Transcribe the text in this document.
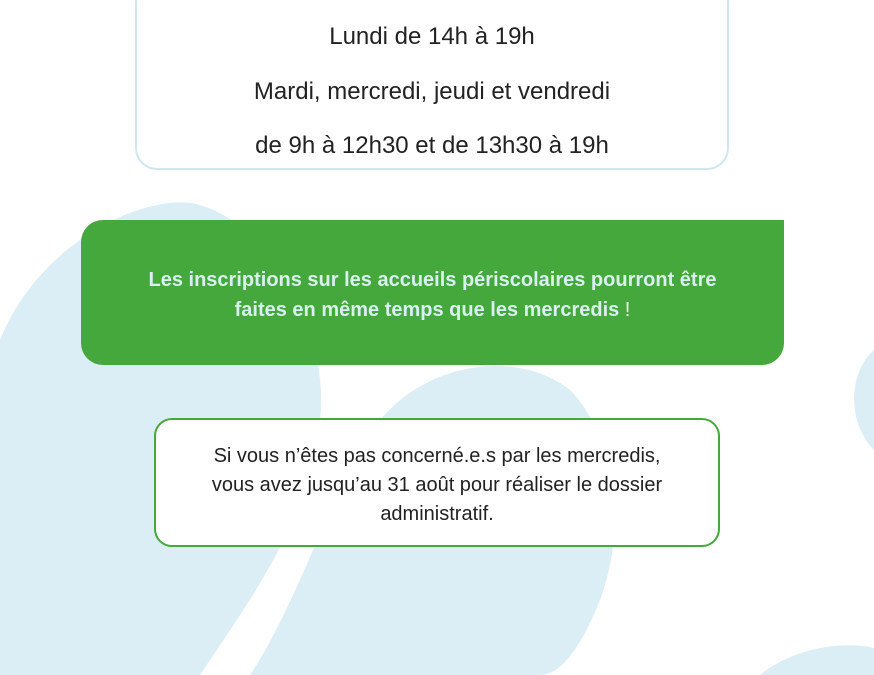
Lundi de 14h à 19h
Mardi, mercredi, jeudi et vendredi
de 9h à 12h30 et de 13h30 à 19h
Les inscriptions sur les accueils périscolaires pourront être
faites en même temps que les mercredis !
Si vous n’êtes pas concerné.e.s par les mercredis,
vous avez jusqu’au 31 août pour réaliser le dossier
administratif.
